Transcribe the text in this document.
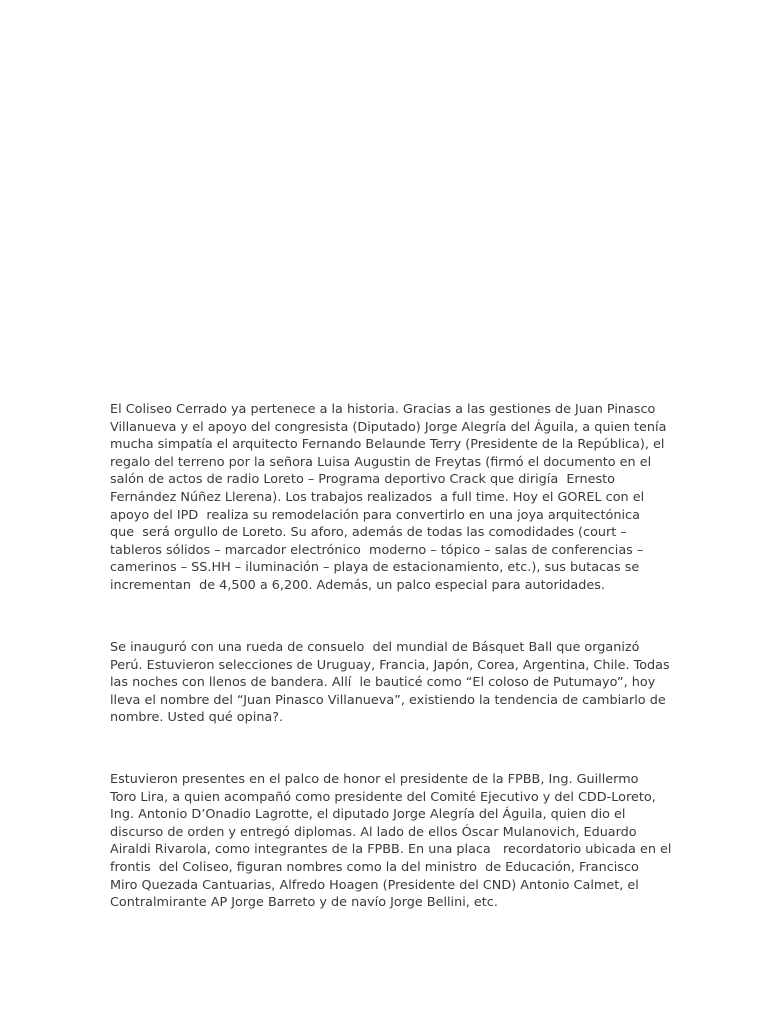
El Coliseo Cerrado ya pertenece a la historia. Gracias a las gestiones de Juan Pinasco
Villanueva y el apoyo del congresista (Diputado) Jorge Alegría del Águila, a quien tenía
mucha simpatía el arquitecto Fernando Belaunde Terry (Presidente de la República), el
regalo del terreno por la señora Luisa Augustin de Freytas (firmó el documento en el
salón de actos de radio Loreto – Programa deportivo Crack que dirigía  Ernesto
Fernández Núñez Llerena). Los trabajos realizados  a full time. Hoy el GOREL con el
apoyo del IPD  realiza su remodelación para convertirlo en una joya arquitectónica
que  será orgullo de Loreto. Su aforo, además de todas las comodidades (court –
tableros sólidos – marcador electrónico  moderno – tópico – salas de conferencias –
camerinos – SS.HH – iluminación – playa de estacionamiento, etc.), sus butacas se
incrementan  de 4,500 a 6,200. Además, un palco especial para autoridades.

Se inauguró con una rueda de consuelo  del mundial de Básquet Ball que organizó
Perú. Estuvieron selecciones de Uruguay, Francia, Japón, Corea, Argentina, Chile. Todas
las noches con llenos de bandera. Allí  le bauticé como “El coloso de Putumayo”, hoy
lleva el nombre del “Juan Pinasco Villanueva”, existiendo la tendencia de cambiarlo de
nombre. Usted qué opina?.

Estuvieron presentes en el palco de honor el presidente de la FPBB, Ing. Guillermo
Toro Lira, a quien acompañó como presidente del Comité Ejecutivo y del CDD-Loreto,
Ing. Antonio D’Onadio Lagrotte, el diputado Jorge Alegría del Águila, quien dio el
discurso de orden y entregó diplomas. Al lado de ellos Óscar Mulanovich, Eduardo
Airaldi Rivarola, como integrantes de la FPBB. En una placa   recordatorio ubicada en el
frontis  del Coliseo, figuran nombres como la del ministro  de Educación, Francisco
Miro Quezada Cantuarias, Alfredo Hoagen (Presidente del CND) Antonio Calmet, el
Contralmirante AP Jorge Barreto y de navío Jorge Bellini, etc.
